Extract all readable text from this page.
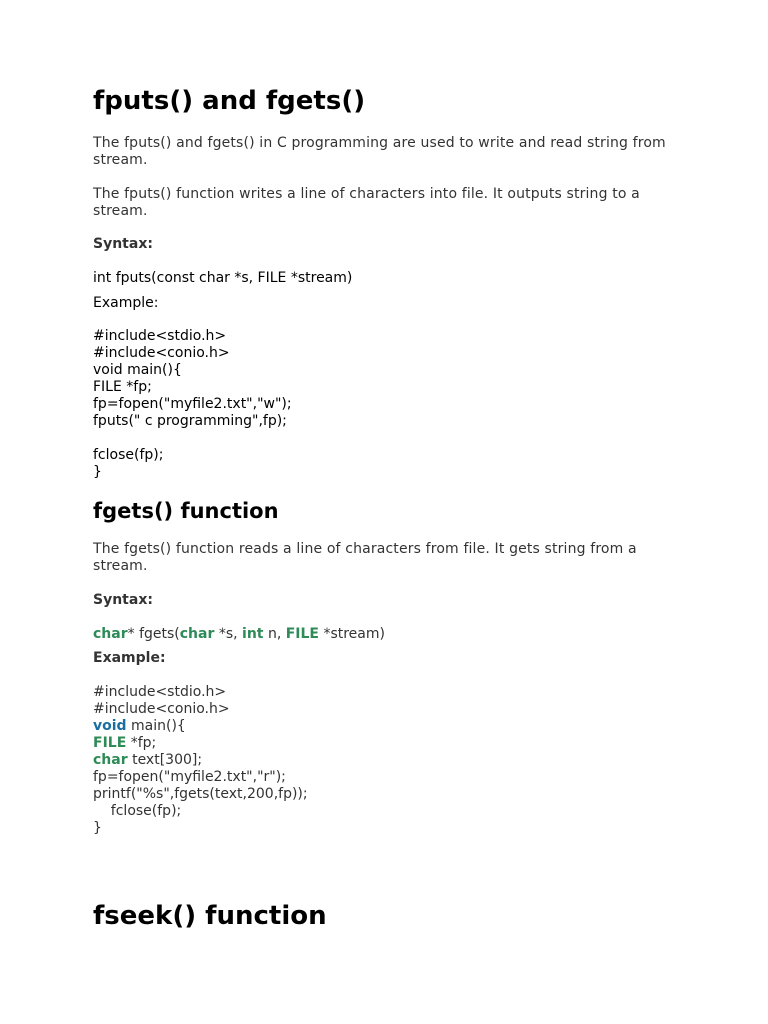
fputs() and fgets()
The fputs() and fgets() in C programming are used to write and read string from stream.
The fputs() function writes a line of characters into file. It outputs string to a stream.
Syntax:
int fputs(const char *s, FILE *stream)
Example:
#include<stdio.h>
#include<conio.h>
void main(){
FILE *fp;
fp=fopen("myfile2.txt","w");
fputs(" c programming",fp);
fclose(fp);
}
fgets() function
The fgets() function reads a line of characters from file. It gets string from a stream.
Syntax:
char* fgets(char *s, int n, FILE *stream)
Example:
#include<stdio.h>
#include<conio.h>
void main(){
FILE *fp;
char text[300];
fp=fopen("myfile2.txt","r");
printf("%s",fgets(text,200,fp));
fclose(fp);
}
fseek() function
